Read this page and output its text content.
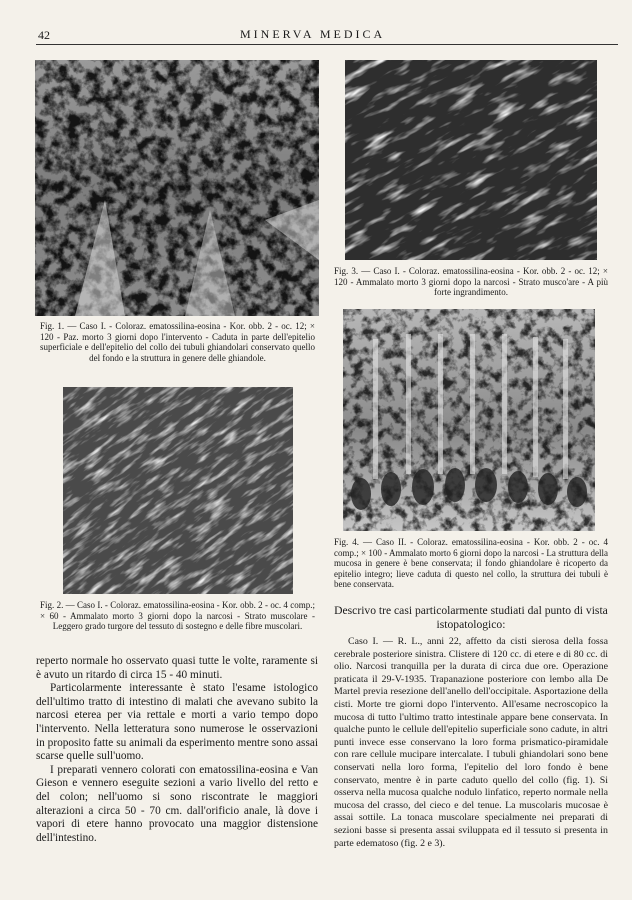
42	MINERVA MEDICA
Fig. 1. — Caso I. - Coloraz. ematossilina-eosina - Kor. obb. 2 - oc. 12; × 120 - Paz. morto 3 giorni dopo l'intervento - Caduta in parte dell'epitelio superficiale e dell'epitelio del collo dei tubuli ghiandolari conservato quello del fondo e la struttura in genere delle ghiandole.
Fig. 2. — Caso I. - Coloraz. ematossilina-eosina - Kor. obb. 2 - oc. 4 comp.; × 60 - Ammalato morto 3 giorni dopo la narcosi - Strato muscolare - Leggero grado turgore del tessuto di sostegno e delle fibre muscolari.
Fig. 3. — Caso I. - Coloraz. ematossilina-eosina - Kor. obb. 2 - oc. 12; × 120 - Ammalato morto 3 giorni dopo la narcosi - Strato musco'are - A più forte ingrandimento.
Fig. 4. — Caso II. - Coloraz. ematossilina-eosina - Kor. obb. 2 - oc. 4 comp.; × 100 - Ammalato morto 6 giorni dopo la narcosi - La struttura della mucosa in genere è bene conservata; il fondo ghiandolare è ricoperto da epitelio integro; lieve caduta di questo nel collo, la struttura dei tubuli è bene conservata.

reperto normale ho osservato quasi tutte le volte, raramente si è avuto un ritardo di circa 15 - 40 minuti.

Particolarmente interessante è stato l'esame istologico dell'ultimo tratto di intestino di malati che avevano subito la narcosi eterea per via rettale e morti a vario tempo dopo l'intervento. Nella letteratura sono numerose le osservazioni in proposito fatte su animali da esperimento mentre sono assai scarse quelle sull'uomo.

I preparati vennero colorati con ematossilina-eosina e Van Gieson e vennero eseguite sezioni a vario livello del retto e del colon; nell'uomo si sono riscontrate le maggiori alterazioni a circa 50 - 70 cm. dall'orificio anale, là dove i vapori di etere hanno provocato una maggior distensione dell'intestino.

Descrivo tre casi particolarmente studiati dal punto di vista istopatologico:

Caso I. — R. L., anni 22, affetto da cisti sierosa della fossa cerebrale posteriore sinistra. Clistere di 120 cc. di etere e di 80 cc. di olio. Narcosi tranquilla per la durata di circa due ore. Operazione praticata il 29-V-1935. Trapanazione posteriore con lembo alla De Martel previa resezione dell'anello dell'occipitale. Asportazione della cisti. Morte tre giorni dopo l'intervento. All'esame necroscopico la mucosa di tutto l'ultimo tratto intestinale appare bene conservata. In qualche punto le cellule dell'epitelio superficiale sono cadute, in altri punti invece esse conservano la loro forma prismatico-piramidale con rare cellule mucipare intercalate. I tubuli ghiandolari sono bene conservati nella loro forma, l'epitelio del loro fondo è bene conservato, mentre è in parte caduto quello del collo (fig. 1). Si osserva nella mucosa qualche nodulo linfatico, reperto normale nella mucosa del crasso, del cieco e del tenue. La muscolaris mucosae è assai sottile. La tonaca muscolare specialmente nei preparati di sezioni basse si presenta assai sviluppata ed il tessuto si presenta in parte edematoso (fig. 2 e 3).
